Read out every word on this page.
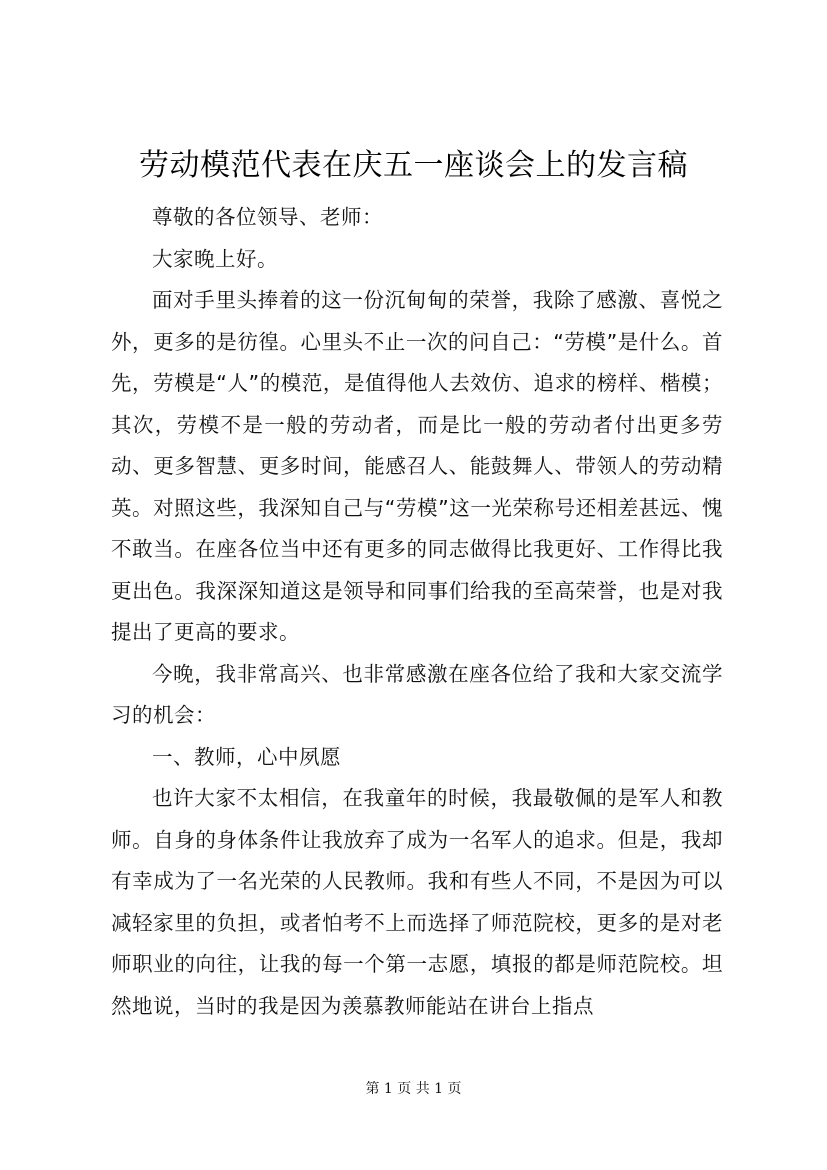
劳动模范代表在庆五一座谈会上的发言稿

尊敬的各位领导、老师：

大家晚上好。

面对手里头捧着的这一份沉甸甸的荣誉，我除了感激、喜悦之外，更多的是彷徨。心里头不止一次的问自己：“劳模”是什么。首先，劳模是“人”的模范，是值得他人去效仿、追求的榜样、楷模；其次，劳模不是一般的劳动者，而是比一般的劳动者付出更多劳动、更多智慧、更多时间，能感召人、能鼓舞人、带领人的劳动精英。对照这些，我深知自己与“劳模”这一光荣称号还相差甚远、愧不敢当。在座各位当中还有更多的同志做得比我更好、工作得比我更出色。我深深知道这是领导和同事们给我的至高荣誉，也是对我提出了更高的要求。

今晚，我非常高兴、也非常感激在座各位给了我和大家交流学习的机会：

一、教师，心中夙愿

也许大家不太相信，在我童年的时候，我最敬佩的是军人和教师。自身的身体条件让我放弃了成为一名军人的追求。但是，我却有幸成为了一名光荣的人民教师。我和有些人不同，不是因为可以减轻家里的负担，或者怕考不上而选择了师范院校，更多的是对老师职业的向往，让我的每一个第一志愿，填报的都是师范院校。坦然地说，当时的我是因为羡慕教师能站在讲台上指点

第 1 页 共 1 页
